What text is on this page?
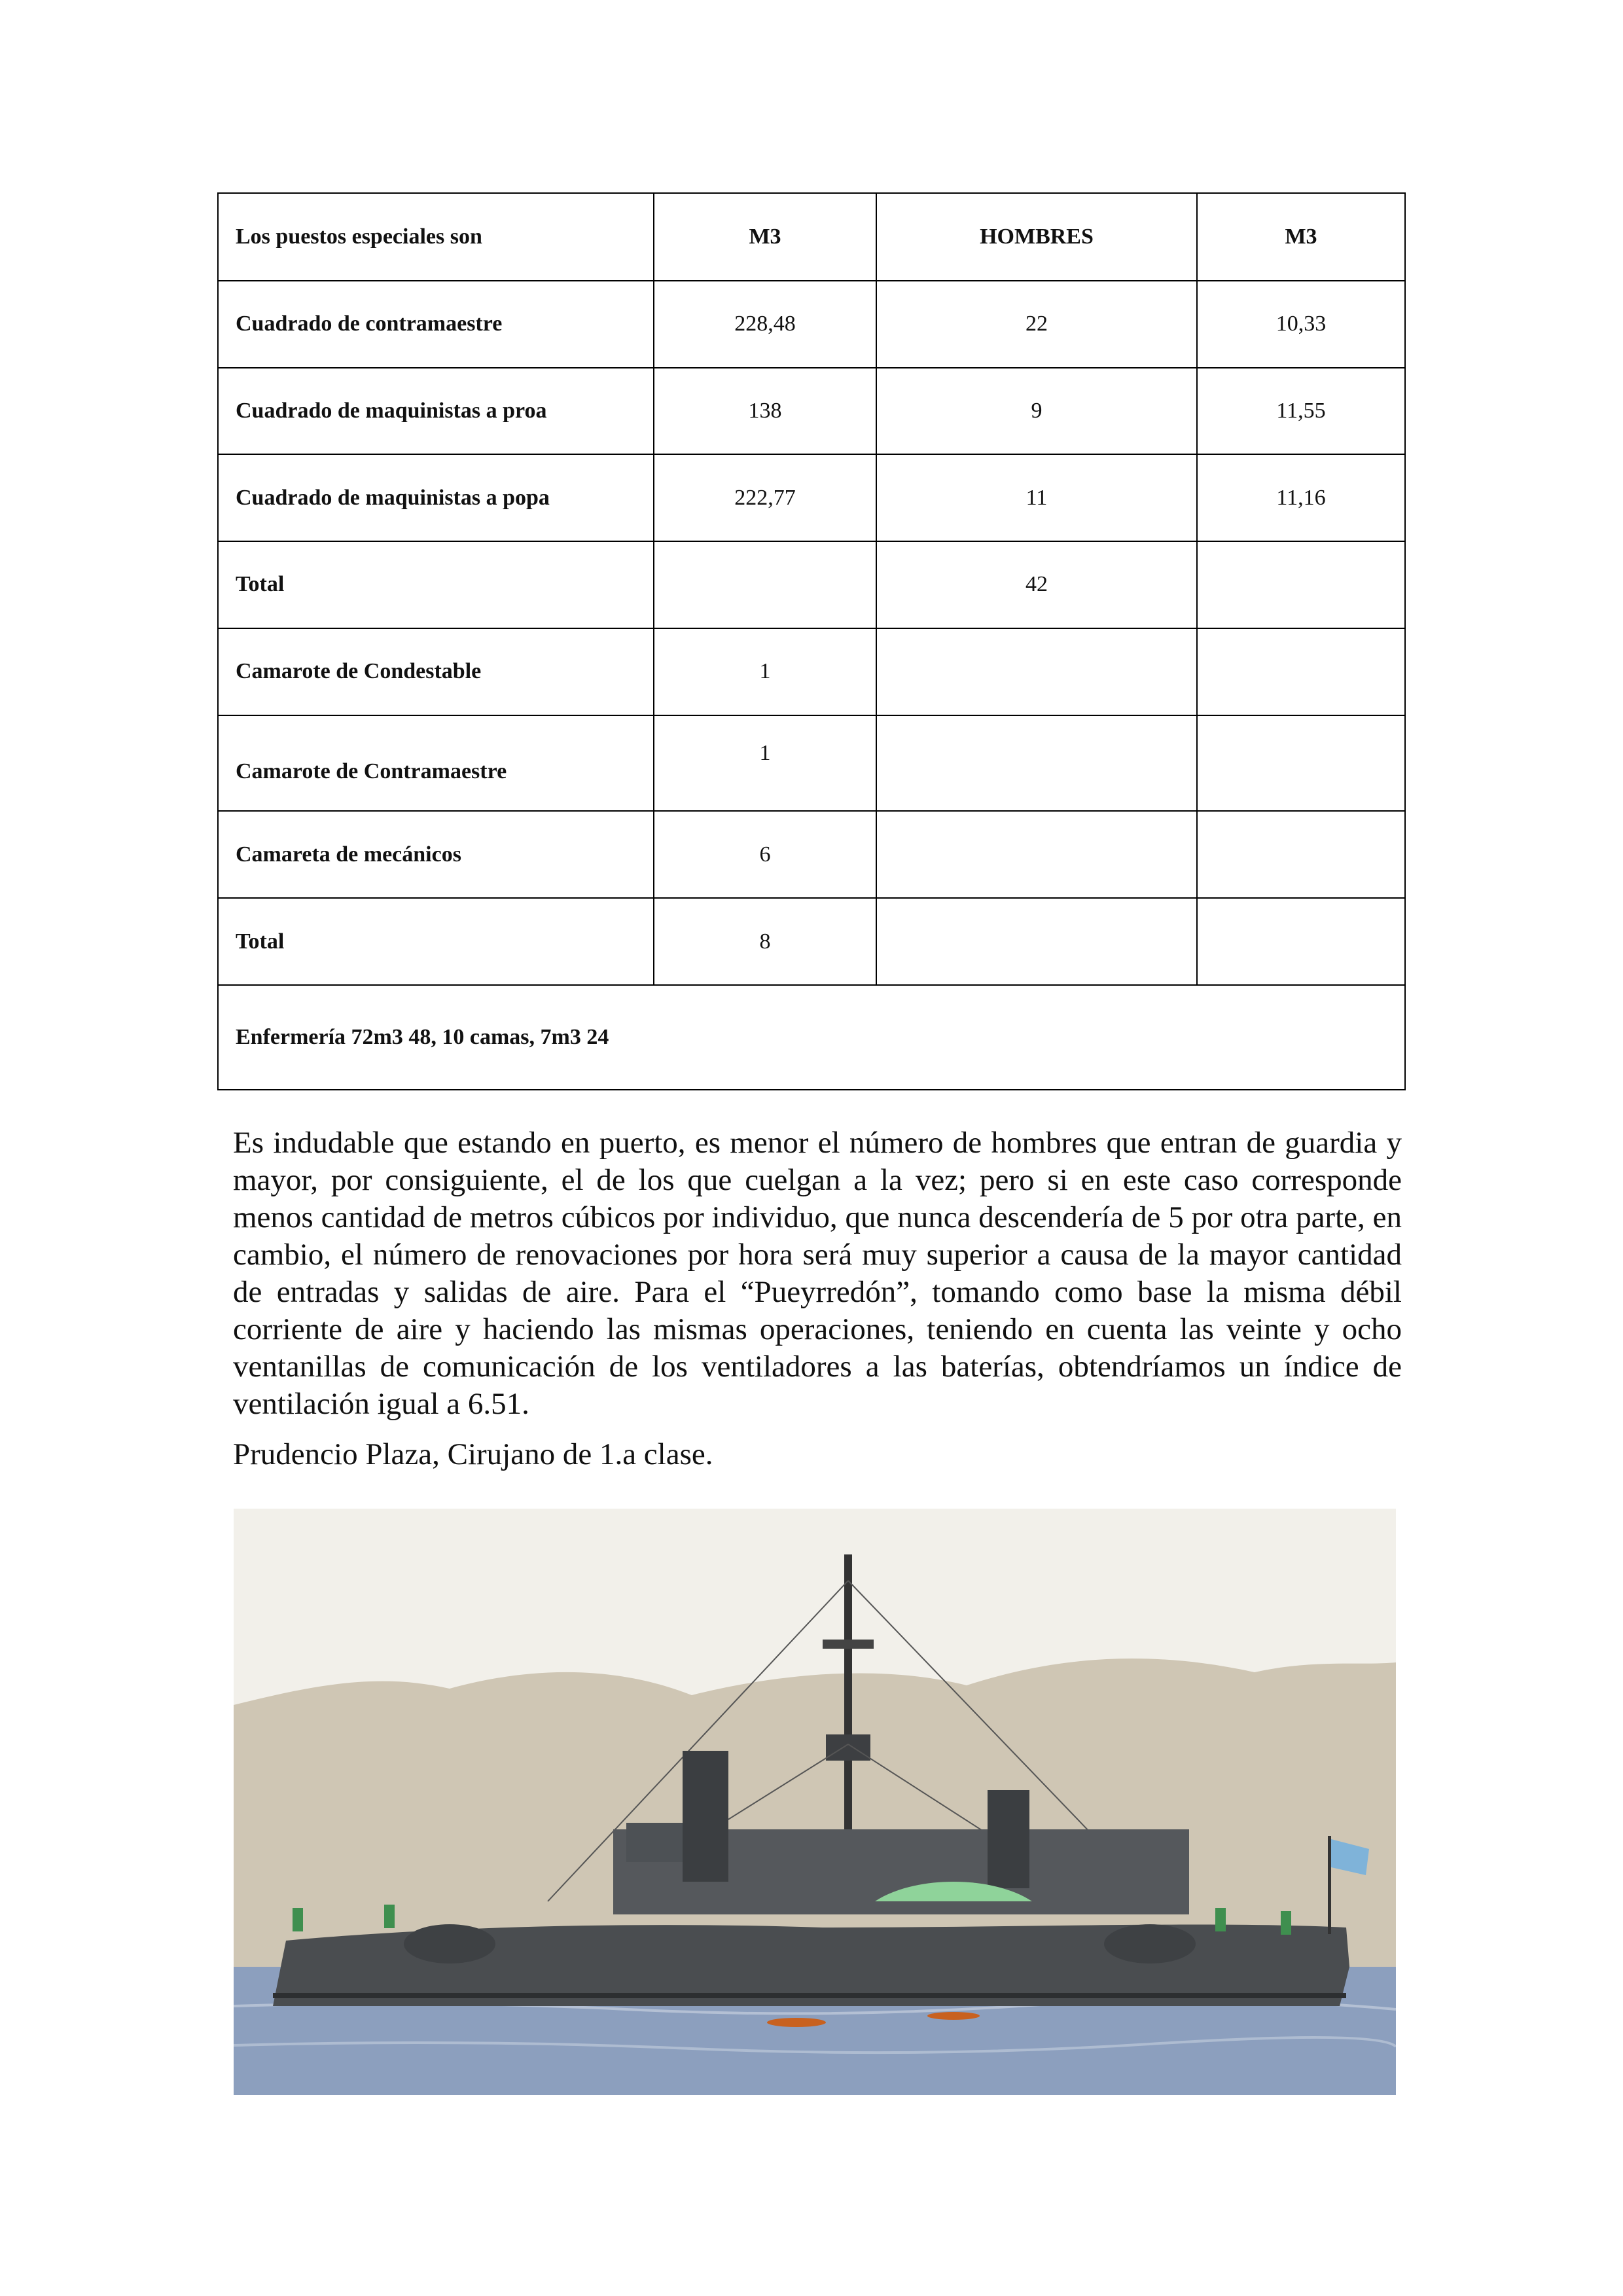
Los puestos especiales son	M3	HOMBRES	M3
Cuadrado de contramaestre	228,48	22	10,33
Cuadrado de maquinistas a proa	138	9	11,55
Cuadrado de maquinistas a popa	222,77	11	11,16
Total		42	
Camarote de Condestable	1		
Camarote de Contramaestre	1		
Camareta de mecánicos	6		
Total	8		
Enfermería 72m3 48, 10 camas, 7m3 24			

Es indudable que estando en puerto, es menor el número de hombres que entran de guardia y mayor, por consiguiente, el de los que cuelgan a la vez; pero si en este caso corresponde menos cantidad de metros cúbicos por individuo, que nunca descendería de 5 por otra parte, en cambio, el número de renovaciones por hora será muy superior a causa de la mayor cantidad de entradas y salidas de aire. Para el “Pueyrredón”, tomando como base la misma débil corriente de aire y haciendo las mismas operaciones, teniendo en cuenta las veinte y ocho ventanillas de comunicación de los ventiladores a las baterías, obtendríamos un índice de ventilación igual a 6.51.

Prudencio Plaza, Cirujano de 1.a clase.
